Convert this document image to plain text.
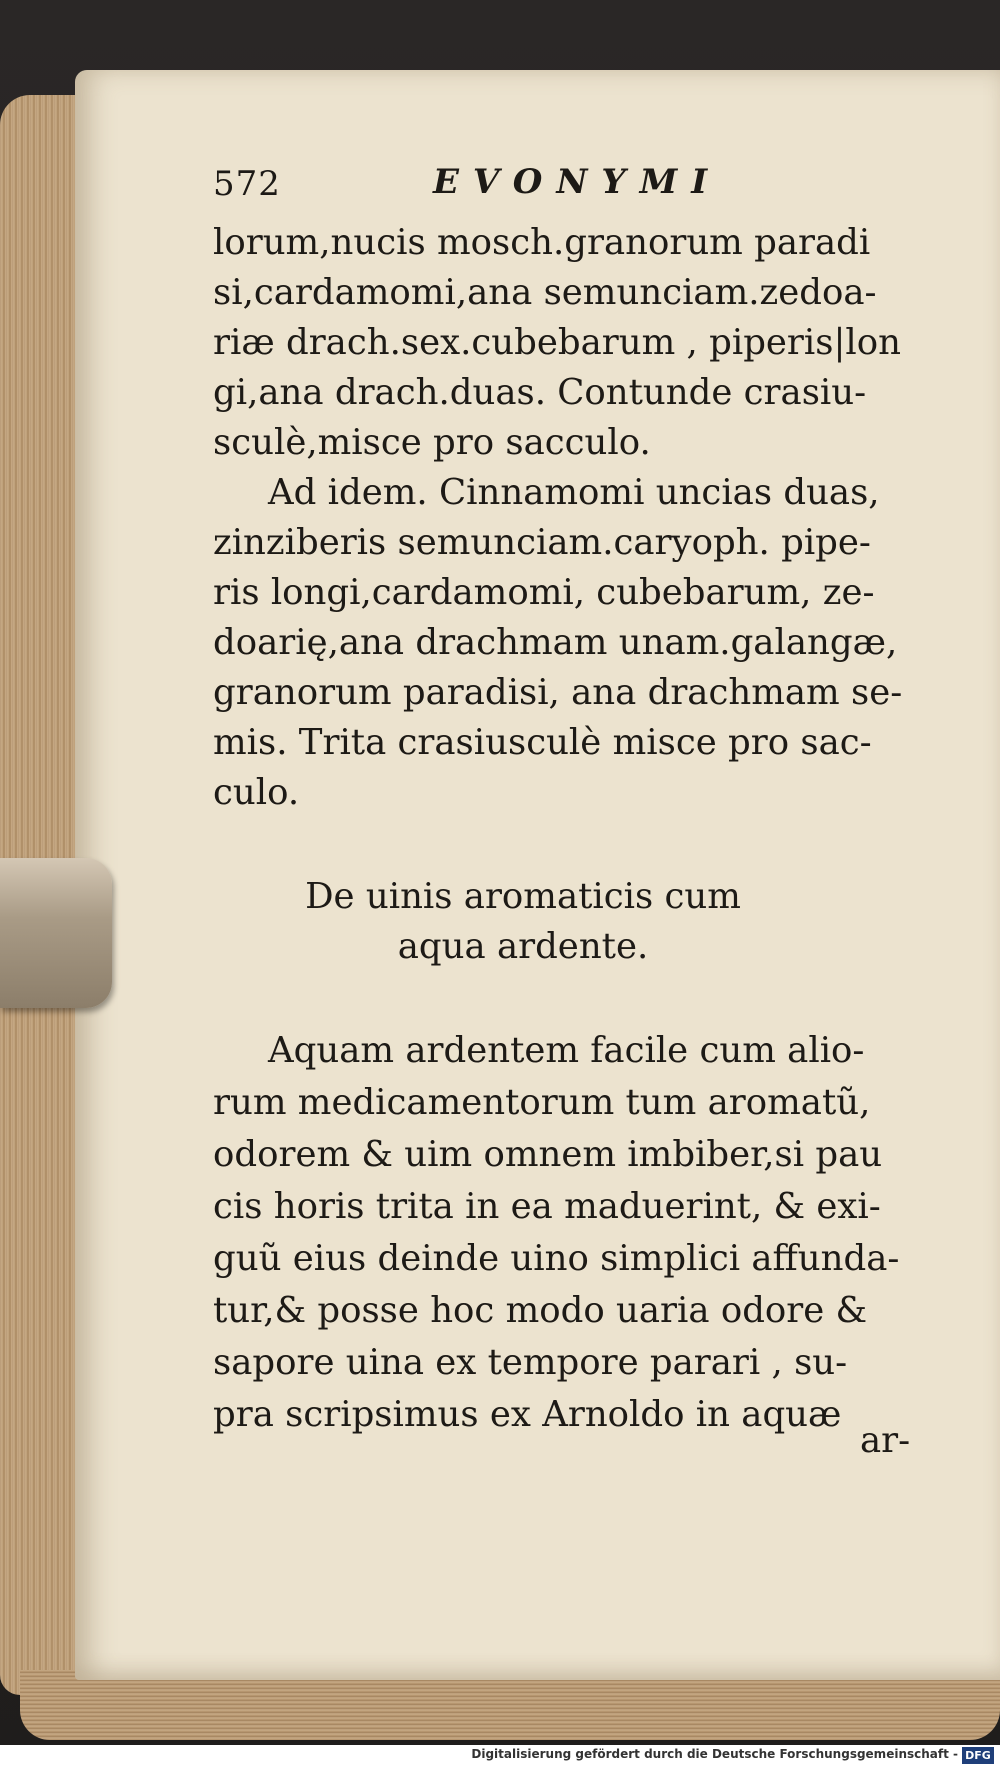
572	EVONYMI
lorum,nucis mosch.granorum paradi
si,cardamomi,ana semunciam.zedoa-
riæ drach.sex.cubebarum , piperis|lon
gi,ana drach.duas. Contunde crasiu-
sculè,misce pro sacculo.
Ad idem. Cinnamomi uncias duas,
zinziberis semunciam.caryoph. pipe-
ris longi,cardamomi, cubebarum, ze-
doarię,ana drachmam unam.galangæ,
granorum paradisi, ana drachmam se-
mis. Trita crasiusculè misce pro sac-
culo.
De uinis aromaticis cum
aqua ardente.
Aquam ardentem facile cum alio-
rum medicamentorum tum aromatũ,
odorem & uim omnem imbiber,si pau
cis horis trita in ea maduerint, & exi-
guũ eius deinde uino simplici affunda-
tur,& posse hoc modo uaria odore &
sapore uina ex tempore parari , su-
pra scripsimus ex Arnoldo in aquæ
ar-
Digitalisierung gefördert durch die Deutsche Forschungsgemeinschaft - DFG
